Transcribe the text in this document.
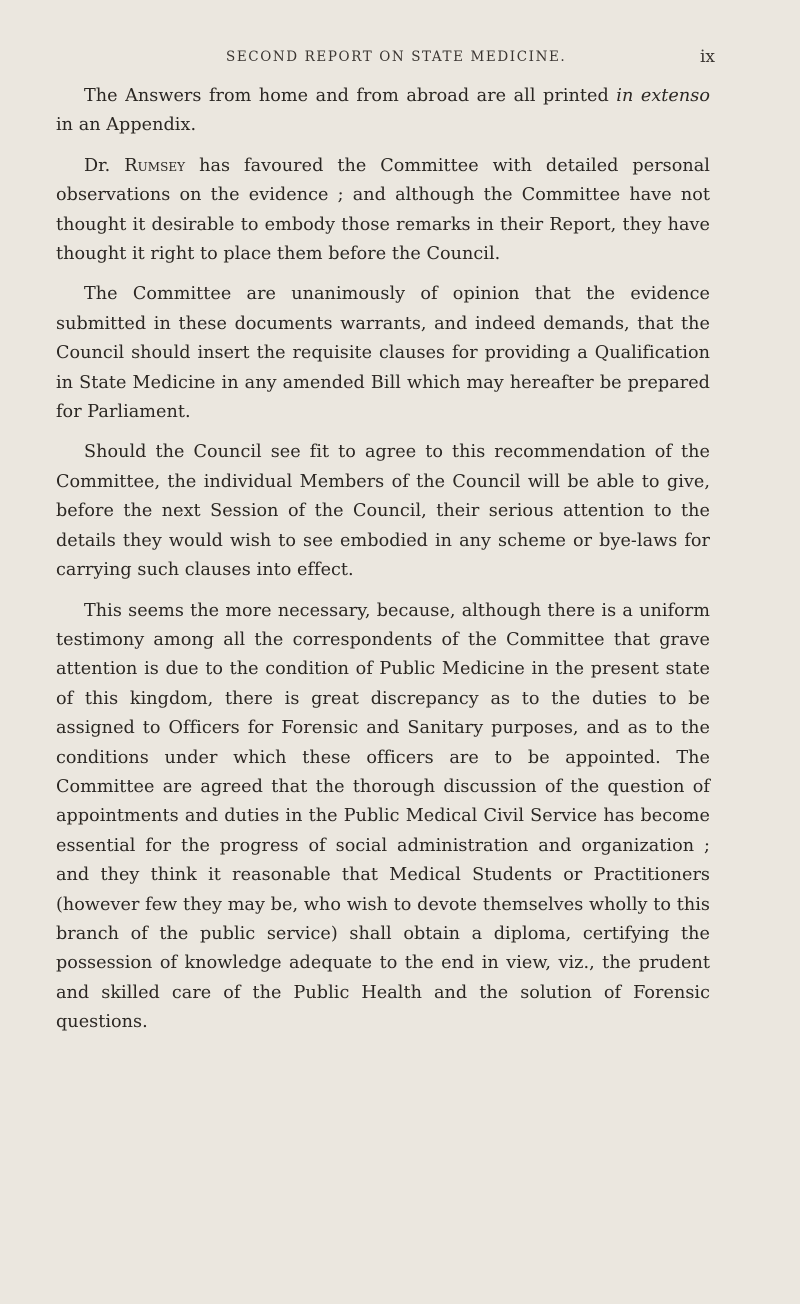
SECOND REPORT ON STATE MEDICINE.	ix

The Answers from home and from abroad are all printed in extenso in an Appendix.

Dr. Rumsey has favoured the Committee with detailed personal observations on the evidence ; and although the Committee have not thought it desirable to embody those remarks in their Report, they have thought it right to place them before the Council.

The Committee are unanimously of opinion that the evidence submitted in these documents warrants, and indeed demands, that the Council should insert the requisite clauses for providing a Qualification in State Medicine in any amended Bill which may hereafter be prepared for Parliament.

Should the Council see fit to agree to this recommendation of the Committee, the individual Members of the Council will be able to give, before the next Session of the Council, their serious attention to the details they would wish to see embodied in any scheme or bye-laws for carrying such clauses into effect.

This seems the more necessary, because, although there is a uniform testimony among all the correspondents of the Committee that grave attention is due to the condition of Public Medicine in the present state of this kingdom, there is great discrepancy as to the duties to be assigned to Officers for Forensic and Sanitary purposes, and as to the conditions under which these officers are to be appointed. The Committee are agreed that the thorough discussion of the question of appointments and duties in the Public Medical Civil Service has become essential for the progress of social administration and organization ; and they think it reasonable that Medical Students or Practitioners (however few they may be, who wish to devote themselves wholly to this branch of the public service) shall obtain a diploma, certifying the possession of knowledge adequate to the end in view, viz., the prudent and skilled care of the Public Health and the solution of Forensic questions.
